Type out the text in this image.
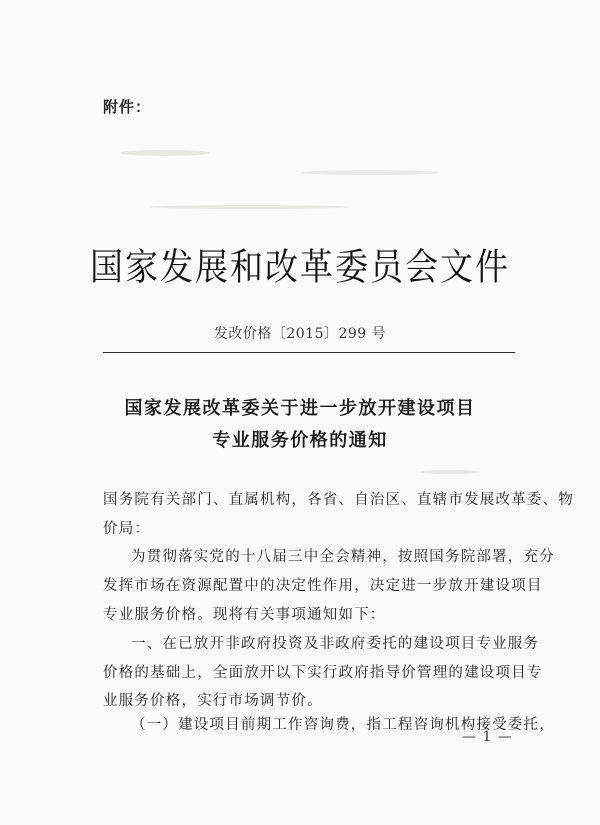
附件：
国家发展和改革委员会文件
发改价格〔2015〕299 号
国家发展改革委关于进一步放开建设项目
专业服务价格的通知
国务院有关部门、直属机构，各省、自治区、直辖市发展改革委、物
价局：
为贯彻落实党的十八届三中全会精神，按照国务院部署，充分
发挥市场在资源配置中的决定性作用，决定进一步放开建设项目
专业服务价格。现将有关事项通知如下：
一、在已放开非政府投资及非政府委托的建设项目专业服务
价格的基础上，全面放开以下实行政府指导价管理的建设项目专
业服务价格，实行市场调节价。
（一）建设项目前期工作咨询费，指工程咨询机构接受委托，
— 1 —
